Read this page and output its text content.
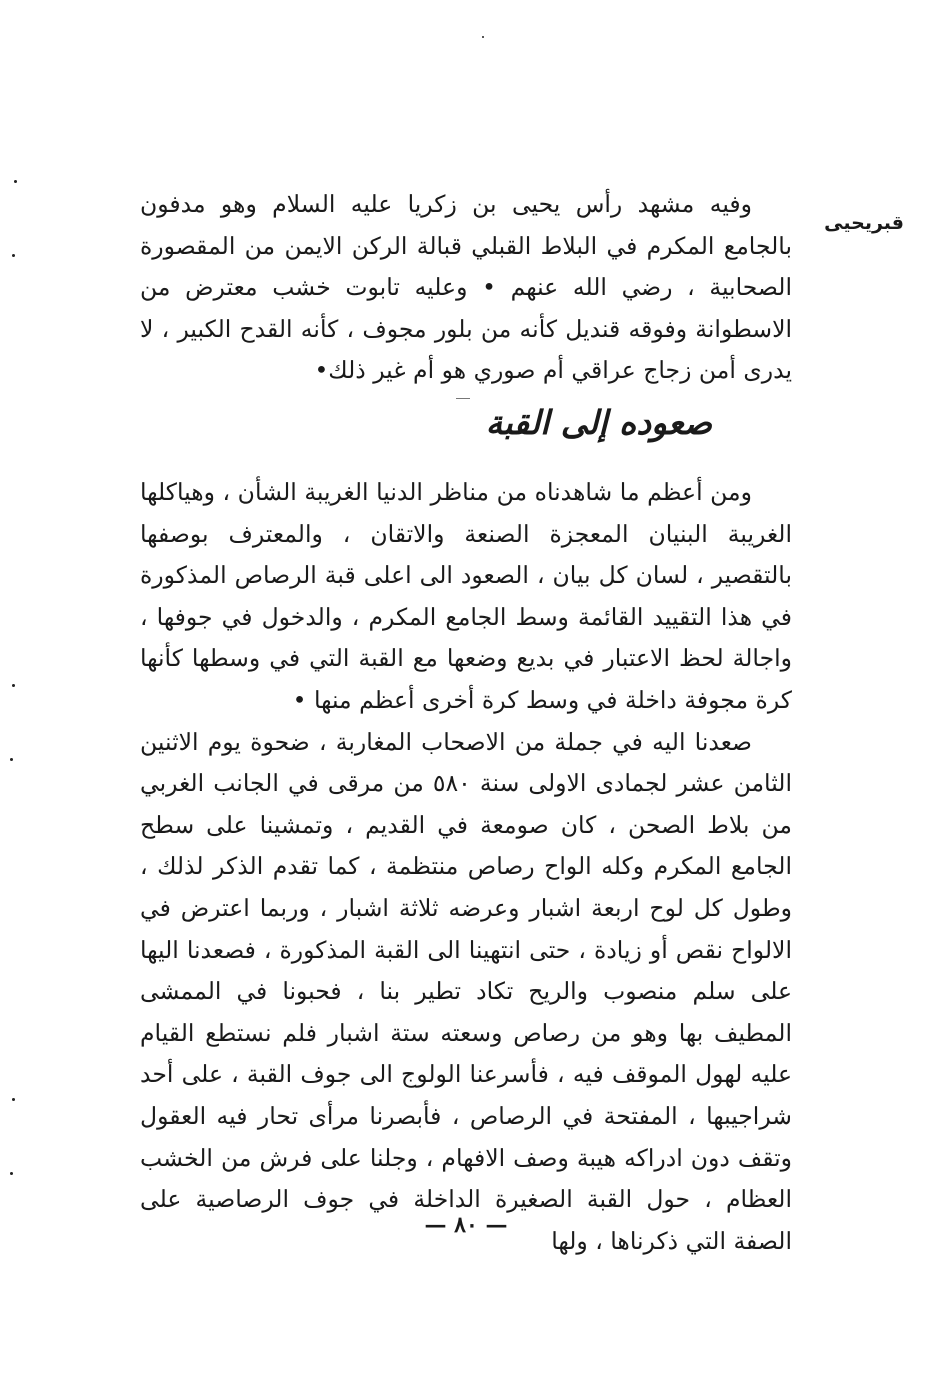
قبريحيى

وفيه مشهد رأس يحيى بن زكريا عليه السلام وهو مدفون بالجامع المكرم في البلاط القبلي قبالة الركن الايمن من المقصورة الصحابية ، رضي الله عنهم • وعليه تابوت خشب معترض من الاسطوانة وفوقه قنديل كأنه من بلور مجوف ، كأنه القدح الكبير ، لا يدرى أمن زجاج عراقي أم صوري هو أم غير ذلك•

صعوده إلى القبة

ومن أعظم ما شاهدناه من مناظر الدنيا الغريبة الشأن ، وهياكلها الغريبة البنيان المعجزة الصنعة والاتقان ، والمعترف بوصفها بالتقصير ، لسان كل بيان ، الصعود الى اعلى قبة الرصاص المذكورة في هذا التقييد القائمة وسط الجامع المكرم ، والدخول في جوفها ، واجالة لحظ الاعتبار في بديع وضعها مع القبة التي في وسطها كأنها كرة مجوفة داخلة في وسط كرة أخرى أعظم منها •

صعدنا اليه في جملة من الاصحاب المغاربة ، ضحوة يوم الاثنين الثامن عشر لجمادى الاولى سنة ٥٨٠ من مرقى في الجانب الغربي من بلاط الصحن ، كان صومعة في القديم ، وتمشينا على سطح الجامع المكرم وكله الواح رصاص منتظمة ، كما تقدم الذكر لذلك ، وطول كل لوح اربعة اشبار وعرضه ثلاثة اشبار ، وربما اعترض في الالواح نقص أو زيادة ، حتى انتهينا الى القبة المذكورة ، فصعدنا اليها على سلم منصوب والريح تكاد تطير بنا ، فحبونا في الممشى المطيف بها وهو من رصاص وسعته ستة اشبار فلم نستطع القيام عليه لهول الموقف فيه ، فأسرعنا الولوج الى جوف القبة ، على أحد شراجيبها ، المفتحة في الرصاص ، فأبصرنا مرأى تحار فيه العقول وتقف دون ادراكه هيبة وصف الافهام ، وجلنا على فرش من الخشب العظام ، حول القبة الصغيرة الداخلة في جوف الرصاصية على الصفة التي ذكرناها ، ولها

— ٨٠ —
